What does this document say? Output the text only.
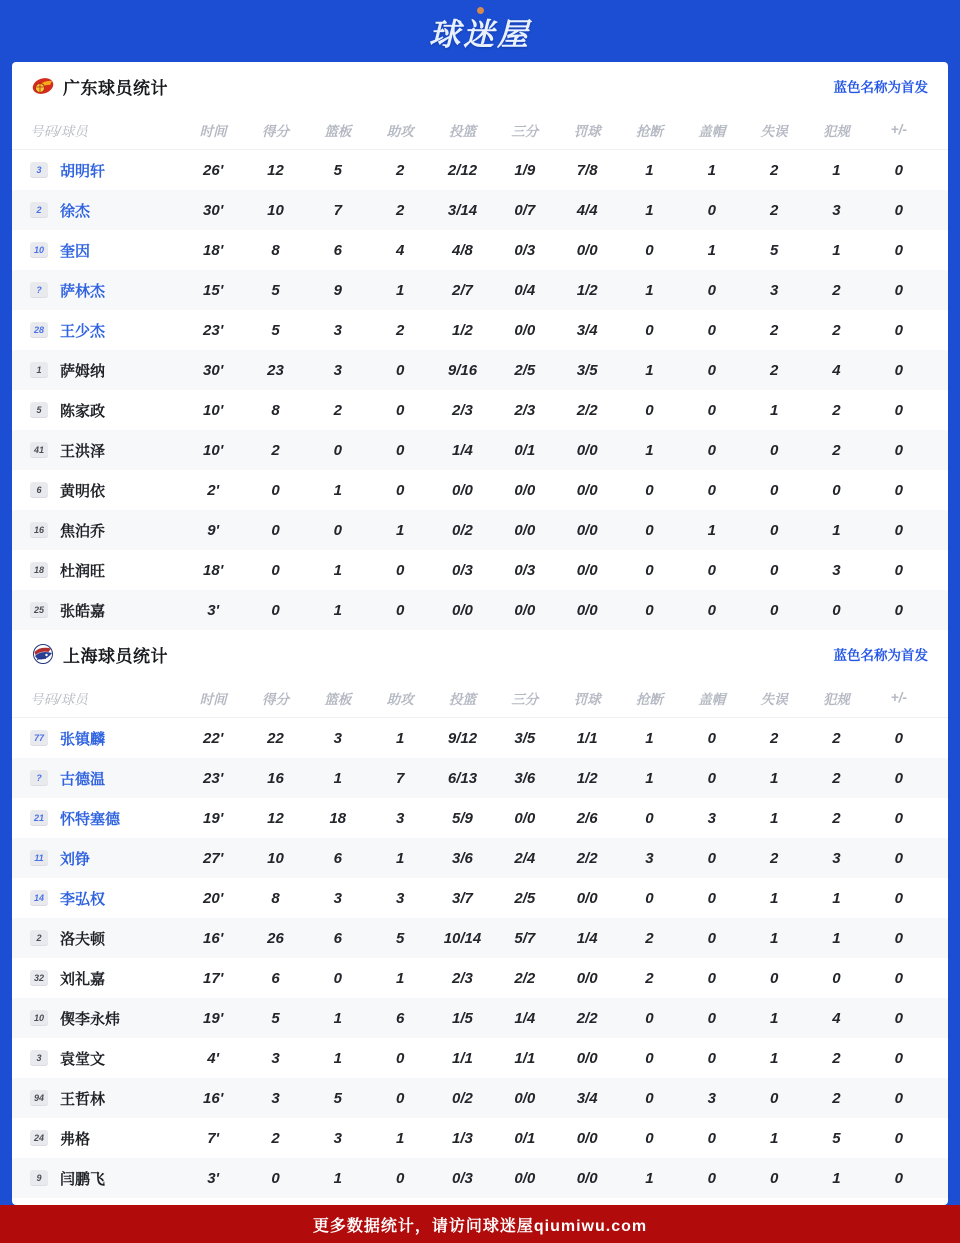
球迷屋
广东球员统计	蓝色名称为首发
号码/球员	时间	得分	篮板	助攻	投篮	三分	罚球	抢断	盖帽	失误	犯规	+/-
3	胡明轩	26'	12	5	2	2/12	1/9	7/8	1	1	2	1	0
2	徐杰	30'	10	7	2	3/14	0/7	4/4	1	0	2	3	0
10 奎因	18'	8	6	4	4/8	0/3	0/0	0	1	5	1	0
?	萨林杰	15'	5	9	1	2/7	0/4	1/2	1	0	3	2	0
28 王少杰	23'	5	3	2	1/2	0/0	3/4	0	0	2	2	0
1	萨姆纳	30'	23	3	0	9/16	2/5	3/5	1	0	2	4	0
5	陈家政	10'	8	2	0	2/3	2/3	2/2	0	0	1	2	0
41 王洪泽	10'	2	0	0	1/4	0/1	0/0	1	0	0	2	0
6	黄明依	2'	0	1	0	0/0	0/0	0/0	0	0	0	0	0
16 焦泊乔	9'	0	0	1	0/2	0/0	0/0	0	1	0	1	0
18 杜润旺	18'	0	1	0	0/3	0/3	0/0	0	0	0	3	0
25 张皓嘉	3'	0	1	0	0/0	0/0	0/0	0	0	0	0	0
上海球员统计	蓝色名称为首发
号码/球员	时间	得分	篮板	助攻	投篮	三分	罚球	抢断	盖帽	失误	犯规	+/-
77 张镇麟	22'	22	3	1	9/12	3/5	1/1	1	0	2	2	0
?	古德温	23'	16	1	7	6/13	3/6	1/2	1	0	1	2	0
21 怀特塞德	19'	12	18	3	5/9	0/0	2/6	0	3	1	2	0
11 刘铮	27'	10	6	1	3/6	2/4	2/2	3	0	2	3	0
14 李弘权	20'	8	3	3	3/7	2/5	0/0	0	0	1	1	0
2	洛夫顿	16'	26	6	5	10/14	5/7	1/4	2	0	1	1	0
32 刘礼嘉	17'	6	0	1	2/3	2/2	0/0	2	0	0	0	0
10 偰李永炜	19'	5	1	6	1/5	1/4	2/2	0	0	1	4	0
3	袁堂文	4'	3	1	0	1/1	1/1	0/0	0	0	1	2	0
94 王哲林	16'	3	5	0	0/2	0/0	3/4	0	3	0	2	0
24 弗格	7'	2	3	1	1/3	0/1	0/0	0	0	1	5	0
9	闫鹏飞	3'	0	1	0	0/3	0/0	0/0	1	0	0	1	0
更多数据统计，请访问球迷屋qiumiwu.com
